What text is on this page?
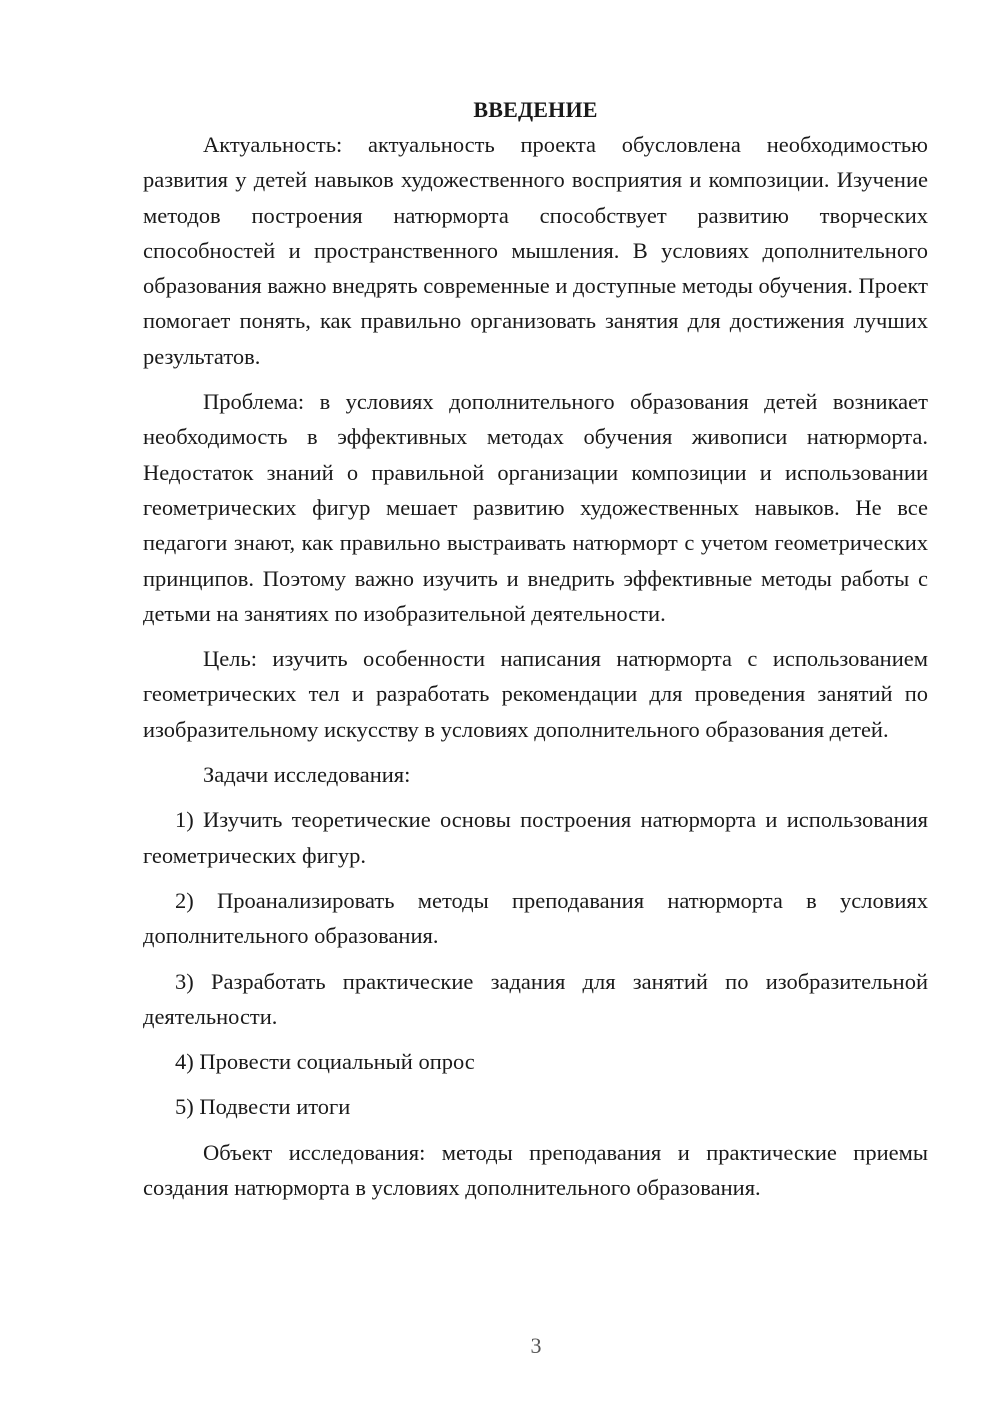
ВВЕДЕНИЕ

Актуальность: актуальность проекта обусловлена необходимостью развития у детей навыков художественного восприятия и композиции. Изучение методов построения натюрморта способствует развитию творческих способностей и пространственного мышления. В условиях дополнительного образования важно внедрять современные и доступные методы обучения. Проект помогает понять, как правильно организовать занятия для достижения лучших результатов.

Проблема: в условиях дополнительного образования детей возникает необходимость в эффективных методах обучения живописи натюрморта. Недостаток знаний о правильной организации композиции и использовании геометрических фигур мешает развитию художественных навыков. Не все педагоги знают, как правильно выстраивать натюрморт с учетом геометрических принципов. Поэтому важно изучить и внедрить эффективные методы работы с детьми на занятиях по изобразительной деятельности.

Цель: изучить особенности написания натюрморта с использованием геометрических тел и разработать рекомендации для проведения занятий по изобразительному искусству в условиях дополнительного образования детей.

Задачи исследования:

1) Изучить теоретические основы построения натюрморта и использования геометрических фигур.

2) Проанализировать методы преподавания натюрморта в условиях дополнительного образования.

3) Разработать практические задания для занятий по изобразительной деятельности.

4) Провести социальный опрос

5) Подвести итоги

Объект исследования: методы преподавания и практические приемы создания натюрморта в условиях дополнительного образования.

3
